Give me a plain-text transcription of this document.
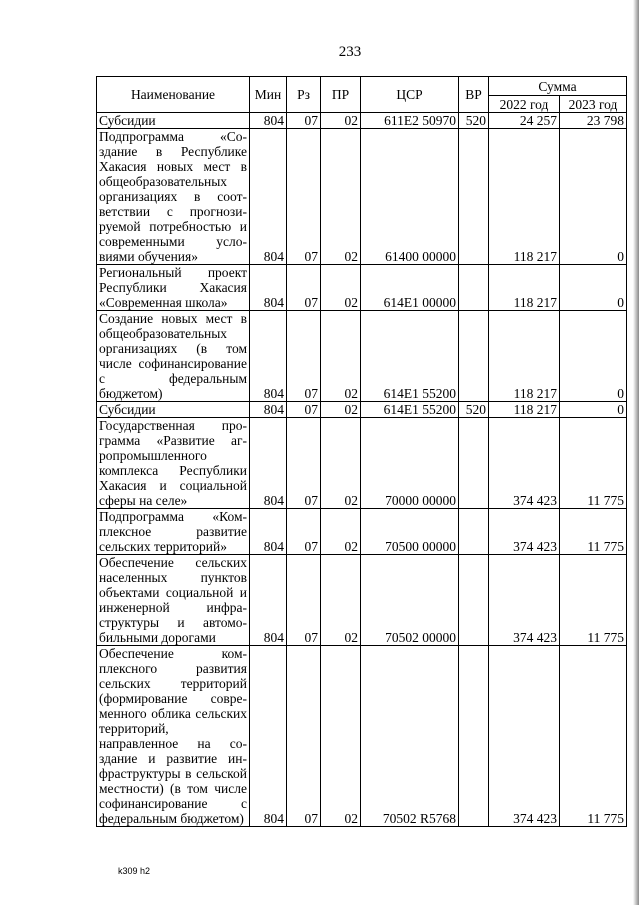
233
Наименование	Мин	Рз	ПР	ЦСР	ВР	Сумма	
						2022 год	2023 год
Субсидии	804	07	02	611Е2 50970	520	24 257	23 798
Подпрограмма «Создание в Республике Хакасия новых мест в общеобразовательных организациях в соответствии с прогнозируемой потребностью и современными условиями обучения»	804	07	02	61400 00000		118 217	0
Региональный проект Республики Хакасия «Современная школа»	804	07	02	614Е1 00000		118 217	0
Создание новых мест в общеобразовательных организациях (в том числе софинансирование с федеральным бюджетом)	804	07	02	614Е1 55200		118 217	0
Субсидии	804	07	02	614Е1 55200	520	118 217	0
Государственная программа «Развитие агропромышленного комплекса Республики Хакасия и социальной сферы на селе»	804	07	02	70000 00000		374 423	11 775
Подпрограмма «Комплексное развитие сельских территорий»	804	07	02	70500 00000		374 423	11 775
Обеспечение сельских населенных пунктов объектами социальной и инженерной инфраструктуры и автомобильными дорогами	804	07	02	70502 00000		374 423	11 775
Обеспечение комплексного развития сельских территорий (формирование современного облика сельских территорий, направленное на создание и развитие инфраструктуры в сельской местности) (в том числе софинансирование с федеральным бюджетом)	804	07	02	70502 R5768		374 423	11 775
k309 h2
